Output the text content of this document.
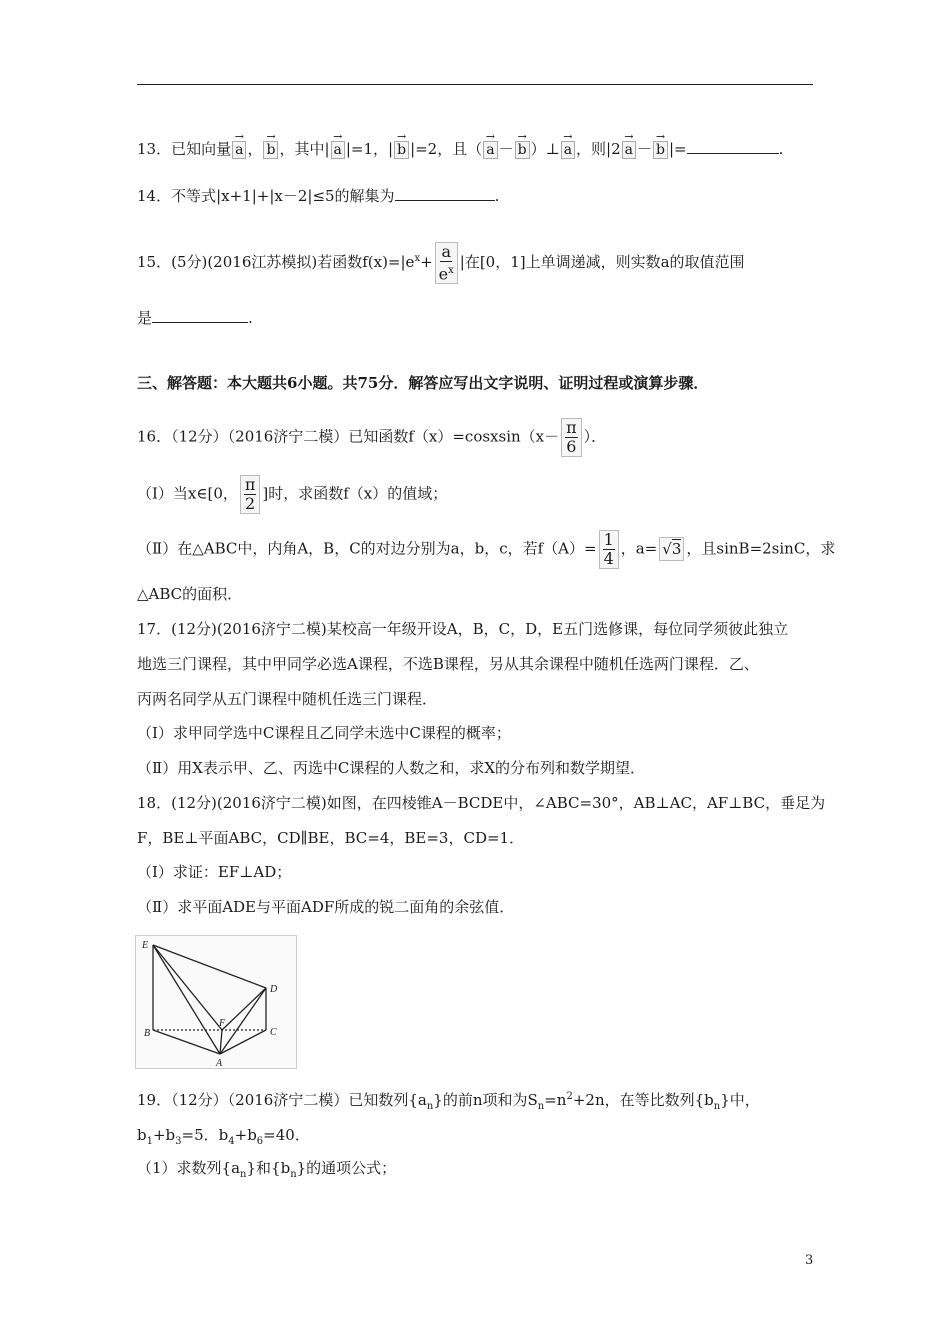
13．已知向量
→
a ，
→
b ，其中|
→
a |=1，|
→
b |=2，且（
→
a －
→
b ）⊥
→
a ，则|2
→
a －
→
b |=	.
14．不等式|x+1|+|x－2|≤5的解集为	.
15．(5分)(2016江苏模拟)若函数$f(x)=|e^x+ \frac{a}{e^x}$ |在[0，1]上单调递减，则实数a的取值范围
是	.
三、解答题：本大题共6小题。共75分．解答应写出文字说明、证明过程或演算步骤．
16．（12分）（2016济宁二模）已知函数f（x）=cosxsin（x－ $\frac{\pi}{6}$ ）．
（Ⅰ）当x∈[0， $\frac{\pi}{2}$ ]时，求函数f（x）的值域；
（Ⅱ）在△ABC中，内角A，B，C的对边分别为a，b，c，若$f(A)= \frac{1}{4}$ ，a= √3 ，且sinB=2sinC，求
△ABC的面积．
17．(12分)(2016济宁二模)某校高一年级开设A，B，C，D，E五门选修课，每位同学须彼此独立
地选三门课程，其中甲同学必选A课程，不选B课程，另从其余课程中随机任选两门课程．乙、
丙两名同学从五门课程中随机任选三门课程．
（Ⅰ）求甲同学选中C课程且乙同学未选中C课程的概率；
（Ⅱ）用X表示甲、乙、丙选中C课程的人数之和，求X的分布列和数学期望．
18．(12分)(2016济宁二模)如图，在四棱锥A－BCDE中，∠ABC=30°，AB⊥AC，AF⊥BC，垂足为
F，BE⊥平面ABC，CD∥BE，BC=4，BE=3，CD=1．
（Ⅰ）求证：EF⊥AD；
（Ⅱ）求平面ADE与平面ADF所成的锐二面角的余弦值．
E
D
F
B	C
A
19．（12分）（2016济宁二模）已知数列$\{a_n\}$的前n项和为$S_n=n^2+2n$，在等比数列$\{b_n\}$中，
$b_1+b_3=5$．$b_4+b_6=40$．
（1）求数列$\{a_n\}$和$\{b_n\}$的通项公式；
3
